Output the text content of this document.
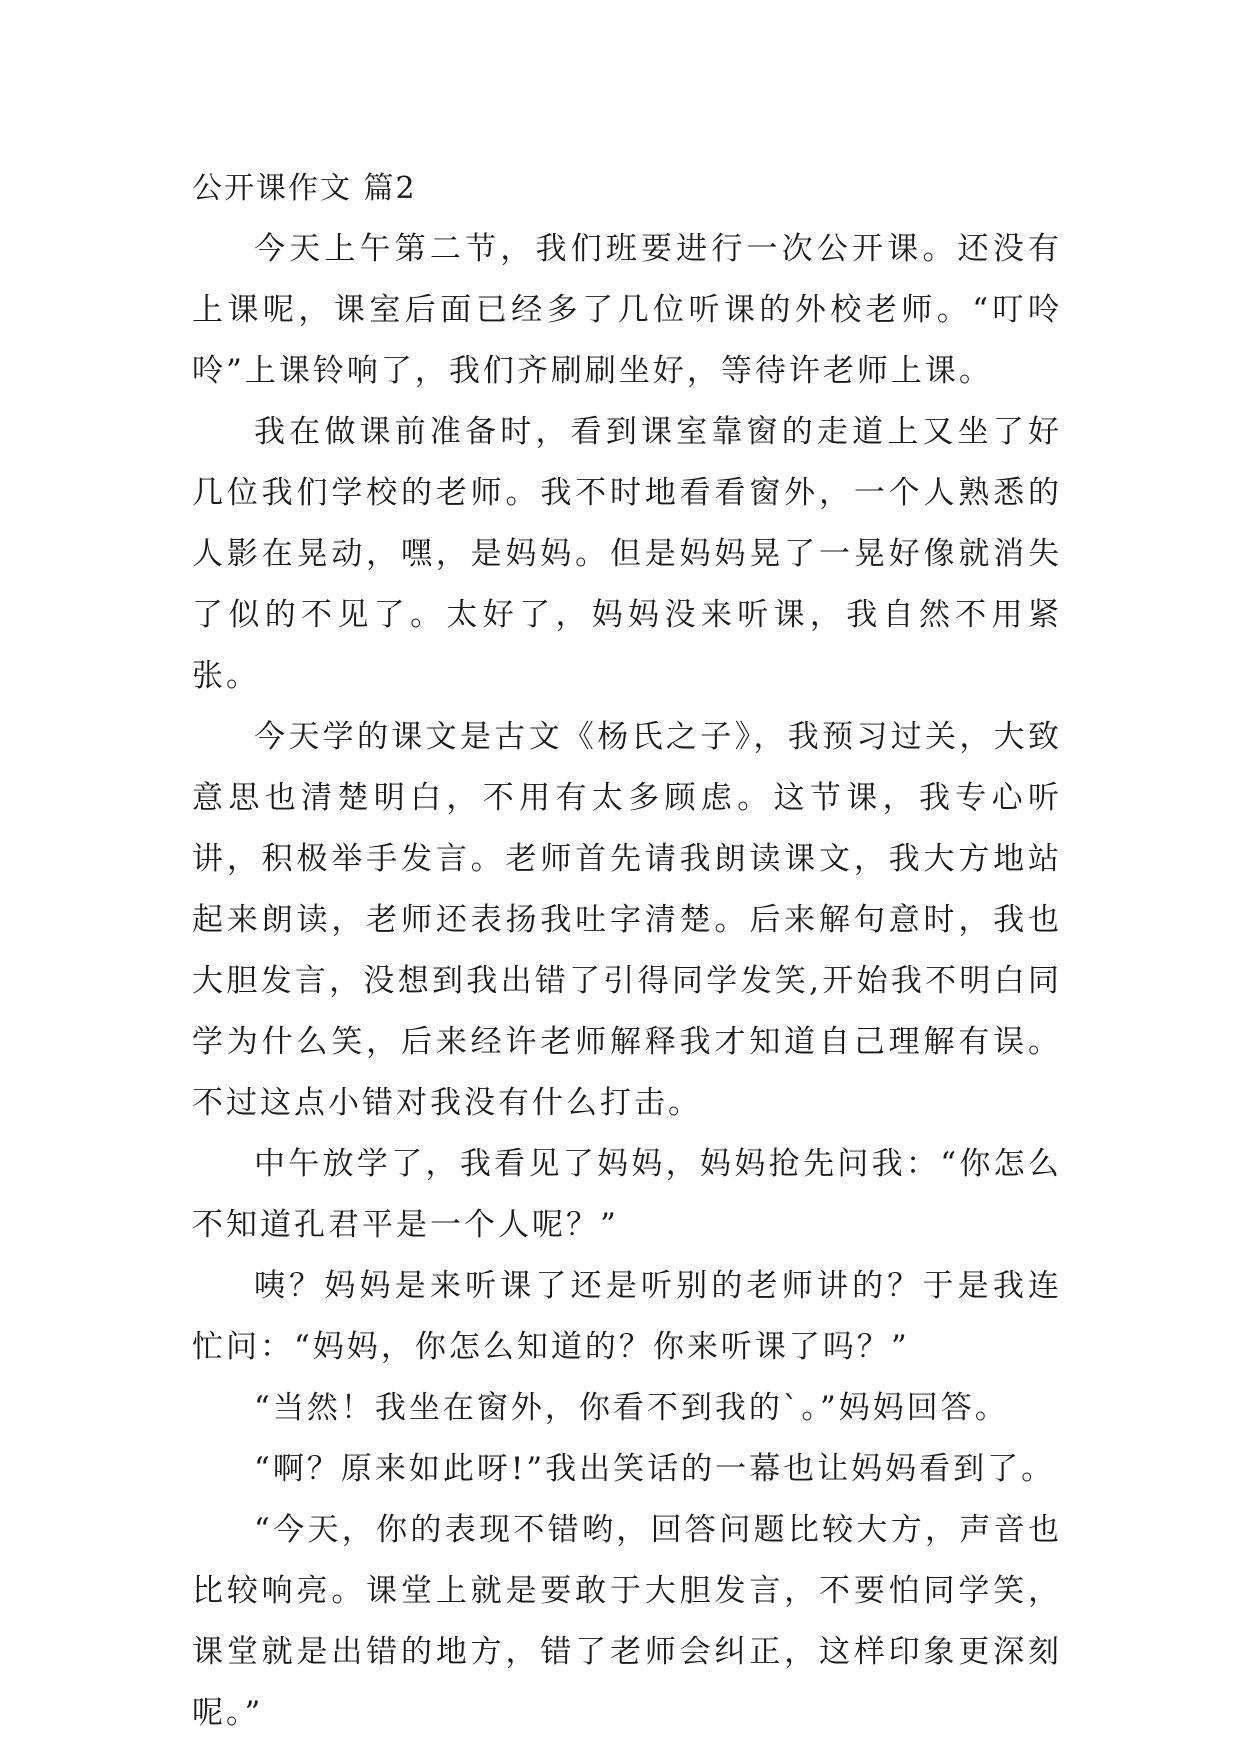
公开课作文 篇2

今天上午第二节，我们班要进行一次公开课。还没有上课呢，课室后面已经多了几位听课的外校老师。“叮呤呤”上课铃响了，我们齐刷刷坐好，等待许老师上课。

我在做课前准备时，看到课室靠窗的走道上又坐了好几位我们学校的老师。我不时地看看窗外，一个人熟悉的人影在晃动，嘿，是妈妈。但是妈妈晃了一晃好像就消失了似的不见了。太好了，妈妈没来听课，我自然不用紧张。

今天学的课文是古文《杨氏之子》，我预习过关，大致意思也清楚明白，不用有太多顾虑。这节课，我专心听讲，积极举手发言。老师首先请我朗读课文，我大方地站起来朗读，老师还表扬我吐字清楚。后来解句意时，我也大胆发言，没想到我出错了引得同学发笑,开始我不明白同学为什么笑，后来经许老师解释我才知道自己理解有误。不过这点小错对我没有什么打击。

中午放学了，我看见了妈妈，妈妈抢先问我：“你怎么不知道孔君平是一个人呢？”

咦？妈妈是来听课了还是听别的老师讲的？于是我连忙问：“妈妈，你怎么知道的？你来听课了吗？”

“当然！我坐在窗外，你看不到我的`。”妈妈回答。

“啊？原来如此呀!”我出笑话的一幕也让妈妈看到了。

“今天，你的表现不错哟，回答问题比较大方，声音也比较响亮。课堂上就是要敢于大胆发言，不要怕同学笑，课堂就是出错的地方，错了老师会纠正，这样印象更深刻呢。”
